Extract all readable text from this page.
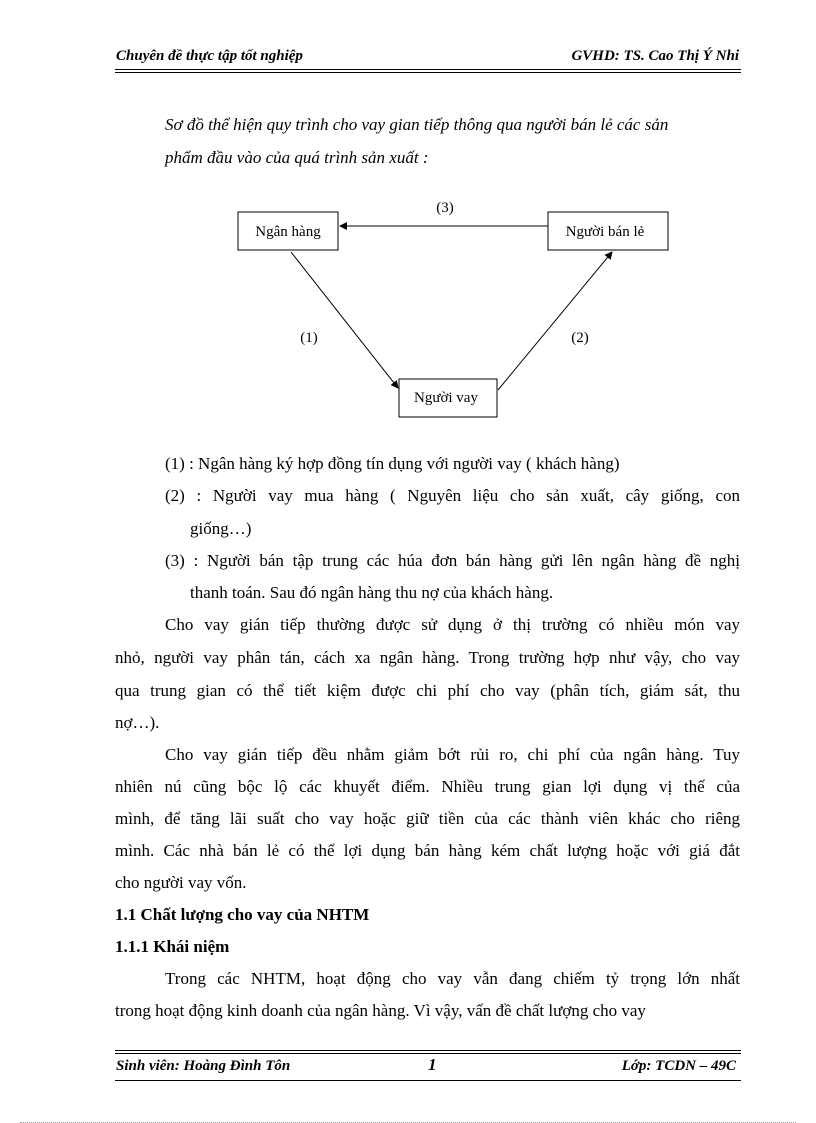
Chuyên đề thực tập tốt nghiệp	GVHD: TS. Cao Thị Ý Nhi
Sơ đồ thể hiện quy trình cho vay gian tiếp thông qua người bán lẻ các sản
phẩm đầu vào của quá trình sản xuất :
Ngân hàng	Người bán lẻ
Người vay
(3)
(1)	(2)
(1) : Ngân hàng ký hợp đồng tín dụng với người vay ( khách hàng)
(2) : Người vay mua hàng ( Nguyên liệu cho sản xuất, cây giống, con
giống…)
(3) : Người bán tập trung các húa đơn bán hàng gửi lên ngân hàng đề nghị
thanh toán. Sau đó ngân hàng thu nợ của khách hàng.
Cho vay gián tiếp thường được sử dụng ở thị trường có nhiều món vay
nhỏ, người vay phân tán, cách xa ngân hàng. Trong trường hợp như vậy, cho vay
qua trung gian có thể tiết kiệm được chi phí cho vay (phân tích, giám sát, thu
nợ…).
Cho vay gián tiếp đều nhằm giảm bớt rủi ro, chi phí của ngân hàng. Tuy
nhiên nú cũng bộc lộ các khuyết điểm. Nhiều trung gian lợi dụng vị thế của
mình, để tăng lãi suất cho vay hoặc giữ tiền của các thành viên khác cho riêng
mình. Các nhà bán lẻ có thể lợi dụng bán hàng kém chất lượng hoặc với giá đắt
cho người vay vốn.
1.1 Chất lượng cho vay của NHTM
1.1.1 Khái niệm
Trong các NHTM, hoạt động cho vay vẫn đang chiếm tỷ trọng lớn nhất
trong hoạt động kinh doanh của ngân hàng. Vì vậy, vấn đề chất lượng cho vay
Sinh viên: Hoàng Đình Tôn	1	Lớp: TCDN – 49C
